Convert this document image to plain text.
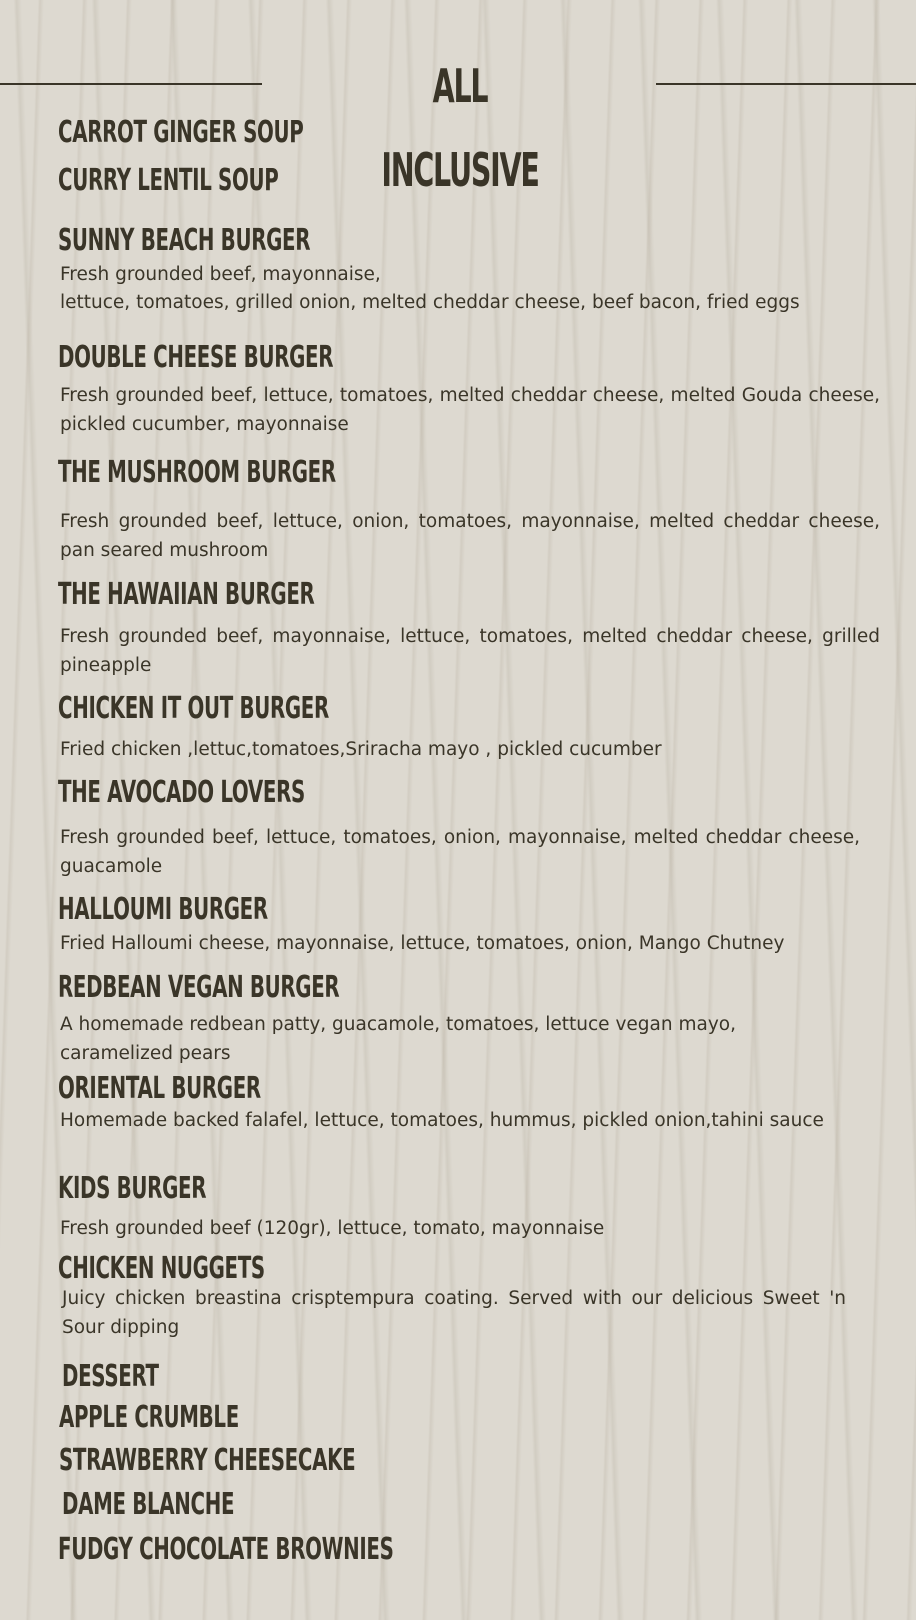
ALL INCLUSIVE
CARROT GINGER SOUP
CURRY LENTIL SOUP
SUNNY BEACH BURGER

Fresh grounded beef, mayonnaise,

lettuce, tomatoes, grilled onion, melted cheddar cheese, beef bacon, fried eggs

DOUBLE CHEESE BURGER

Fresh grounded beef, lettuce, tomatoes, melted cheddar cheese, melted Gouda cheese, pickled cucumber, mayonnaise

THE MUSHROOM BURGER

Fresh grounded beef, lettuce, onion, tomatoes, mayonnaise, melted cheddar cheese, pan seared mushroom

THE HAWAIIAN BURGER

Fresh grounded beef, mayonnaise, lettuce, tomatoes, melted cheddar cheese, grilled pineapple

CHICKEN IT OUT BURGER

Fried chicken ,lettuc,tomatoes,Sriracha mayo , pickled cucumber

THE AVOCADO LOVERS

Fresh grounded beef, lettuce, tomatoes, onion, mayonnaise, melted cheddar cheese, guacamole

HALLOUMI BURGER

Fried Halloumi cheese, mayonnaise, lettuce, tomatoes, onion, Mango Chutney

REDBEAN VEGAN BURGER

A homemade redbean patty, guacamole, tomatoes, lettuce vegan mayo, caramelized pears

ORIENTAL BURGER

Homemade backed falafel, lettuce, tomatoes, hummus, pickled onion,tahini sauce

KIDS BURGER

Fresh grounded beef (120gr), lettuce, tomato, mayonnaise

CHICKEN NUGGETS

Juicy chicken breastina crisptempura coating. Served with our delicious Sweet 'n Sour dipping

DESSERT
APPLE CRUMBLE
STRAWBERRY CHEESECAKE
DAME BLANCHE
FUDGY CHOCOLATE BROWNIES
